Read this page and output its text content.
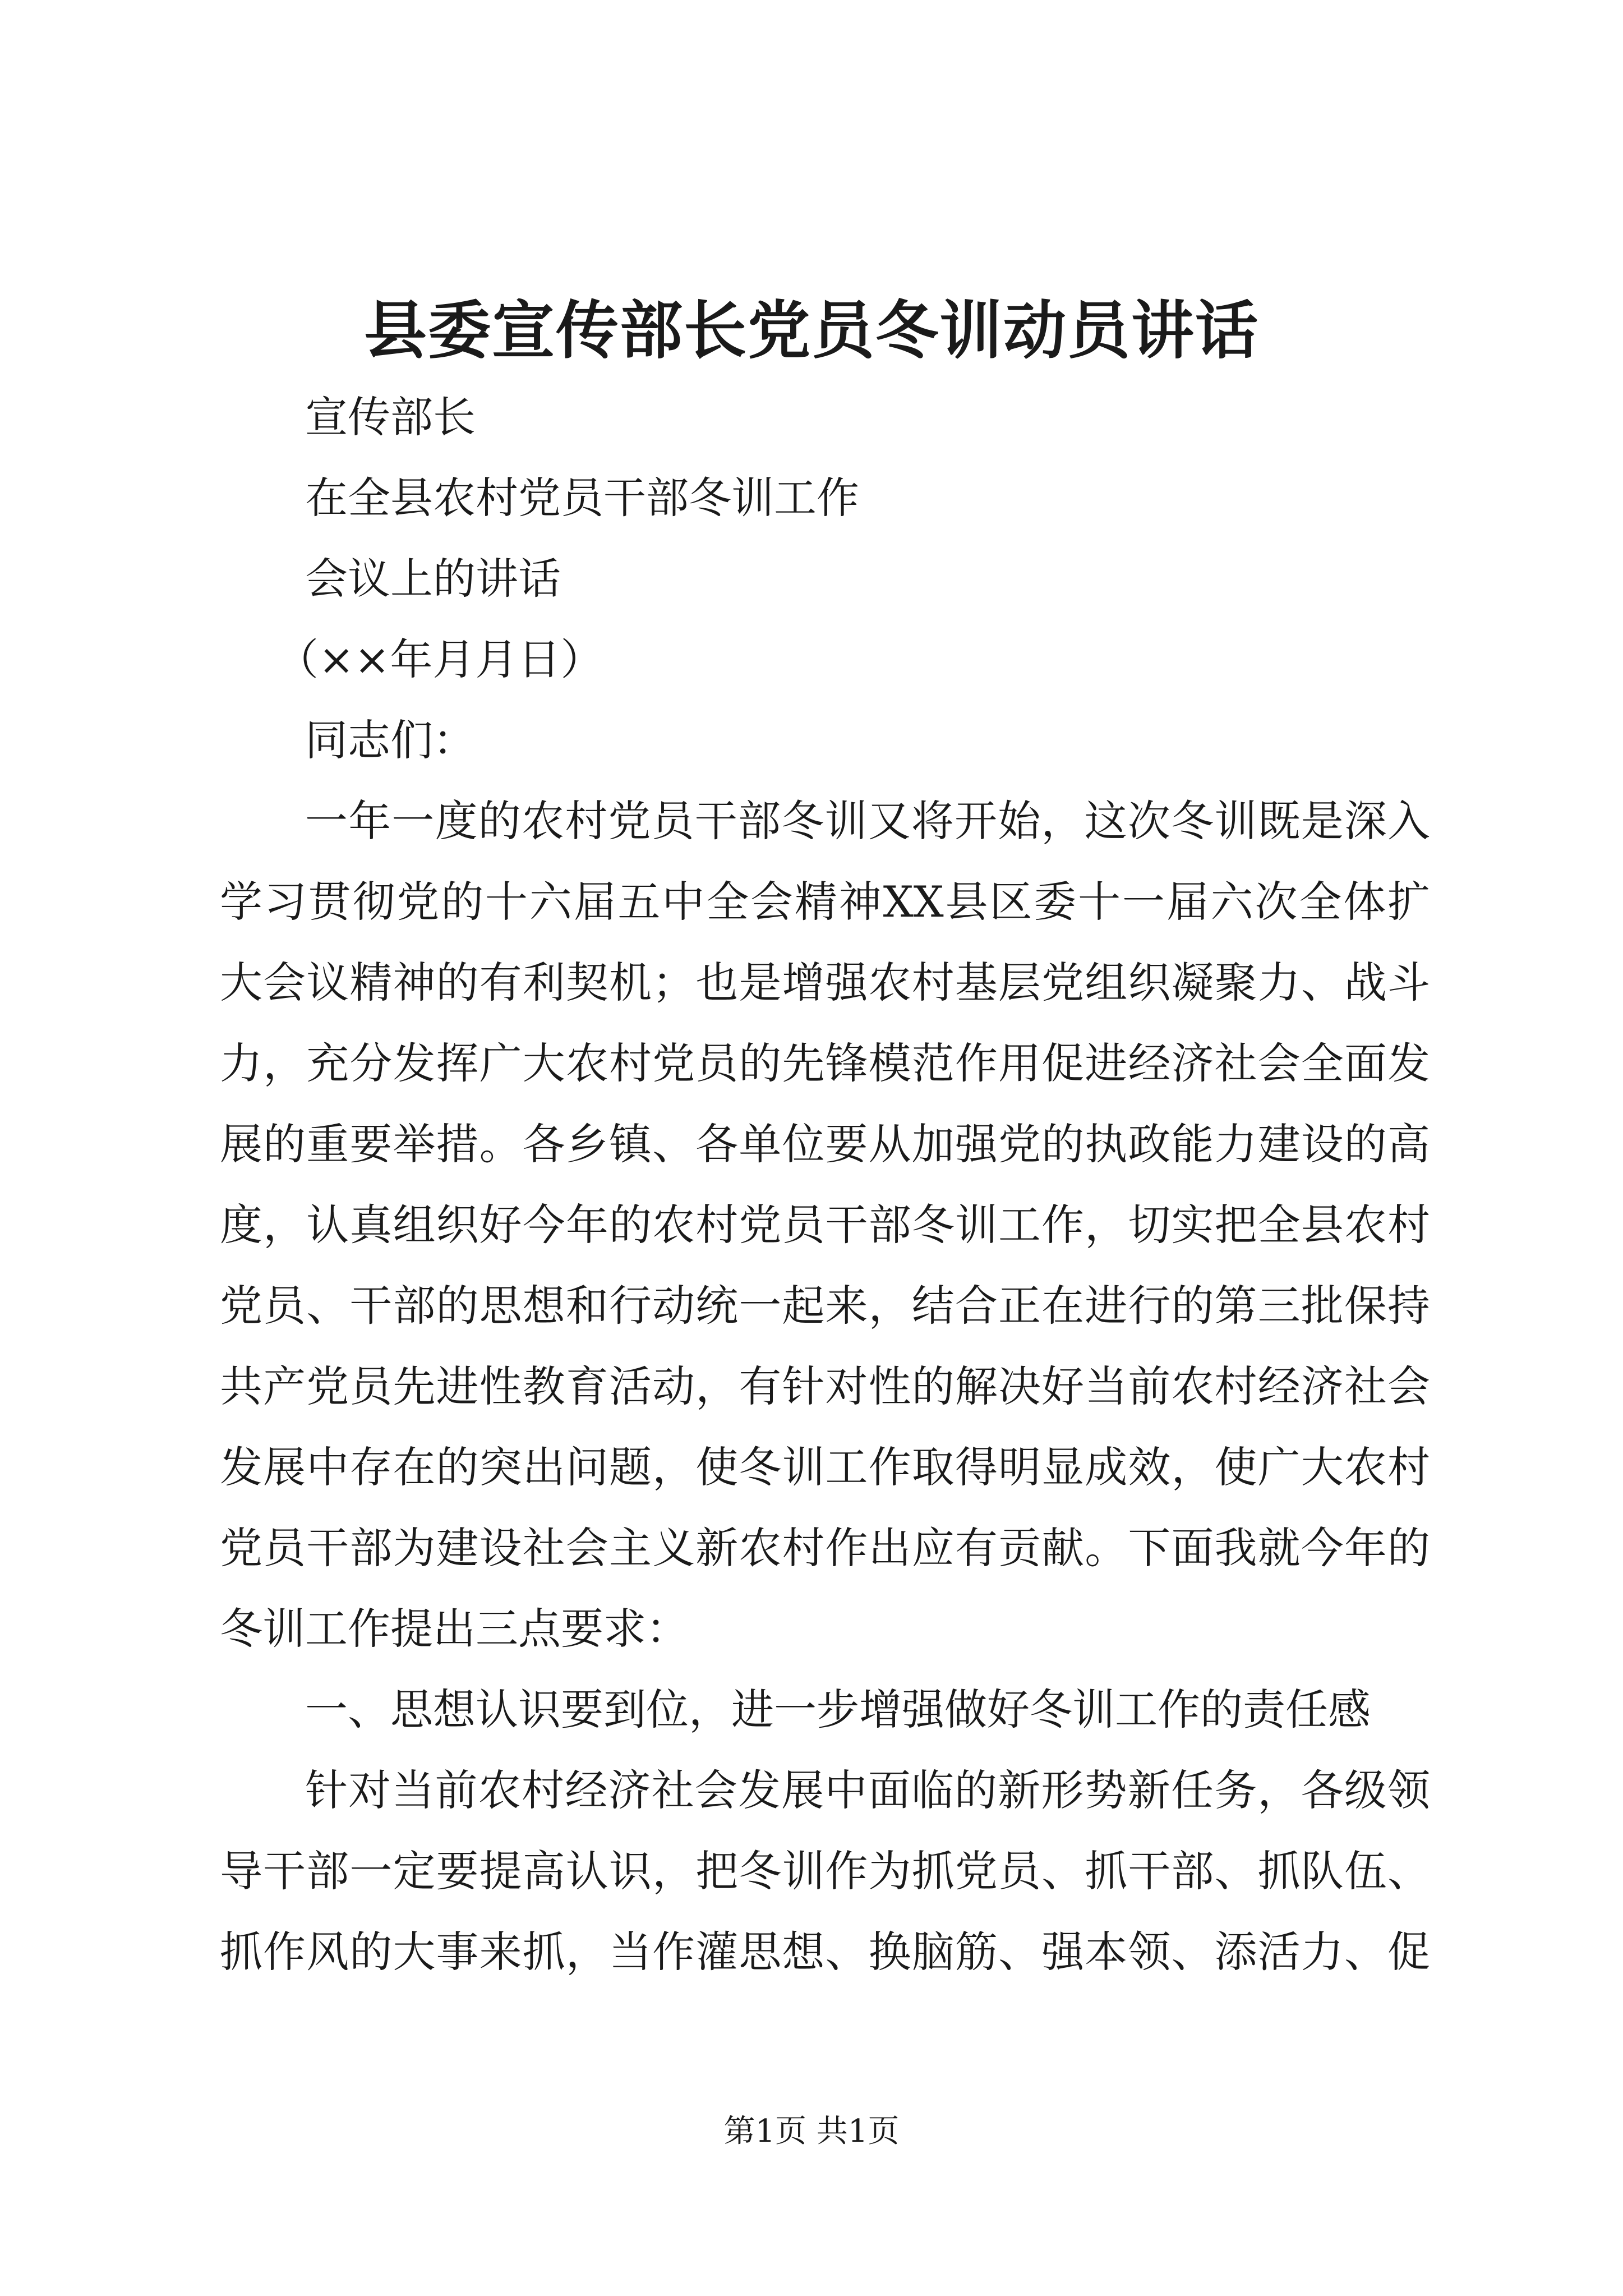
县委宣传部长党员冬训动员讲话
宣传部长
在全县农村党员干部冬训工作
会议上的讲话
（××年月月日）
同志们：
一年一度的农村党员干部冬训又将开始，这次冬训既是深入
学习贯彻党的十六届五中全会精神XX县区委十一届六次全体扩
大会议精神的有利契机；也是增强农村基层党组织凝聚力、战斗
力，充分发挥广大农村党员的先锋模范作用促进经济社会全面发
展的重要举措。各乡镇、各单位要从加强党的执政能力建设的高
度，认真组织好今年的农村党员干部冬训工作，切实把全县农村
党员、干部的思想和行动统一起来，结合正在进行的第三批保持
共产党员先进性教育活动，有针对性的解决好当前农村经济社会
发展中存在的突出问题，使冬训工作取得明显成效，使广大农村
党员干部为建设社会主义新农村作出应有贡献。下面我就今年的
冬训工作提出三点要求：
一、思想认识要到位，进一步增强做好冬训工作的责任感
针对当前农村经济社会发展中面临的新形势新任务，各级领
导干部一定要提高认识，把冬训作为抓党员、抓干部、抓队伍、
抓作风的大事来抓，当作灌思想、换脑筋、强本领、添活力、促
第1页 共1页
